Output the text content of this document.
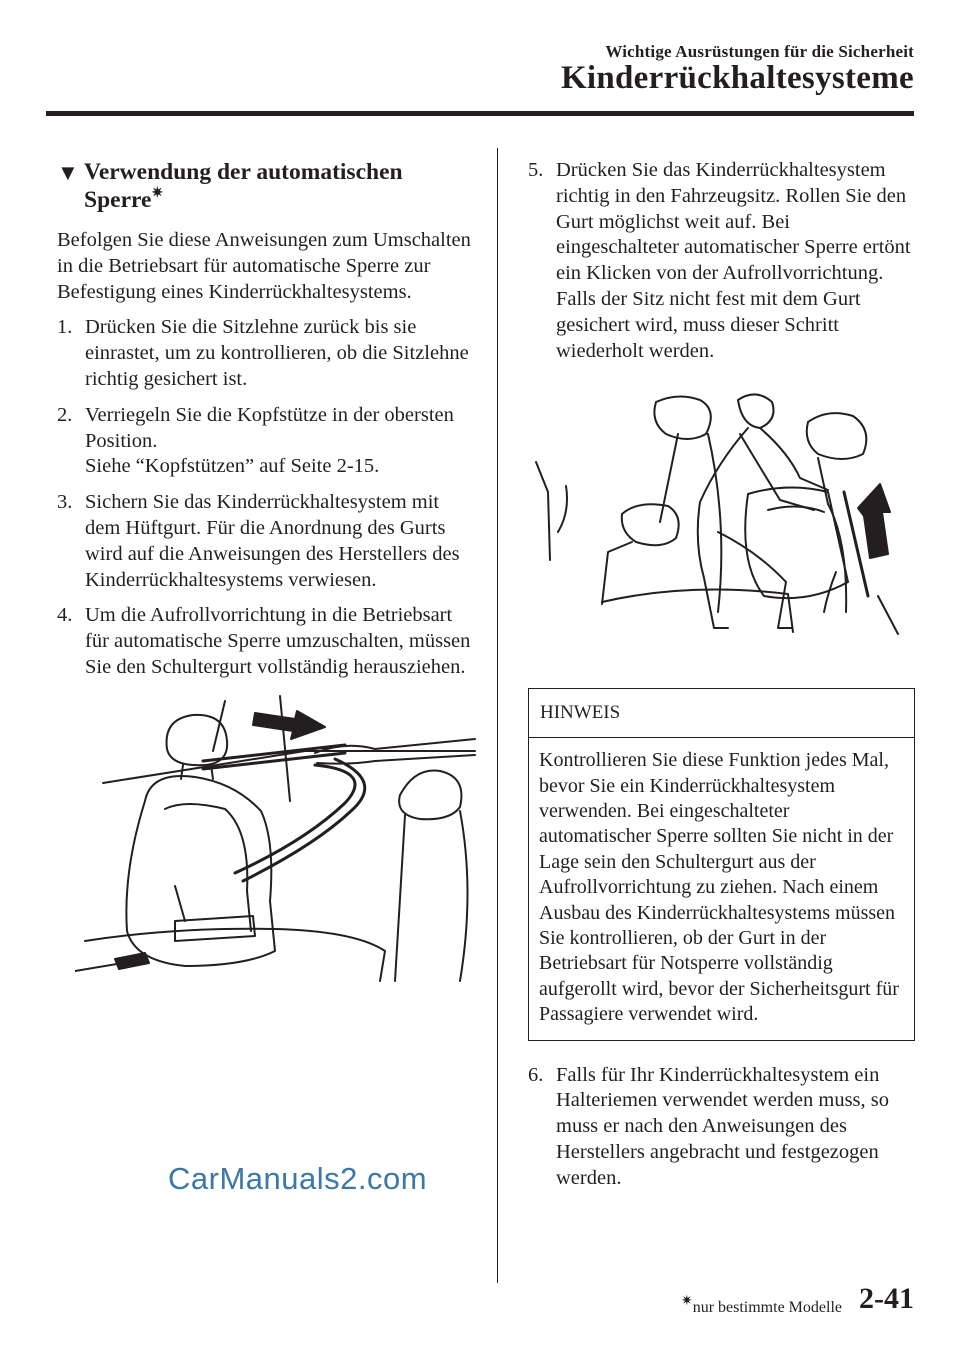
Wichtige Ausrüstungen für die Sicherheit
Kinderrückhaltesysteme
▼ Verwendung der automatischen
Sperre✷

Befolgen Sie diese Anweisungen zum Umschalten in die Betriebsart für automatische Sperre zur Befestigung eines Kinderrückhaltesystems.

1. Drücken Sie die Sitzlehne zurück bis sie einrastet, um zu kontrollieren, ob die Sitzlehne richtig gesichert ist.
2. Verriegeln Sie die Kopfstütze in der obersten Position.
Siehe “Kopfstützen” auf Seite 2-15.
3. Sichern Sie das Kinderrückhaltesystem mit dem Hüftgurt. Für die Anordnung des Gurts wird auf die Anweisungen des Herstellers des Kinderrückhaltesystems verwiesen.
4. Um die Aufrollvorrichtung in die Betriebsart für automatische Sperre umzuschalten, müssen Sie den Schultergurt vollständig herausziehen.
5. Drücken Sie das Kinderrückhaltesystem richtig in den Fahrzeugsitz. Rollen Sie den Gurt möglichst weit auf. Bei eingeschalteter automatischer Sperre ertönt ein Klicken von der Aufrollvorrichtung. Falls der Sitz nicht fest mit dem Gurt gesichert wird, muss dieser Schritt wiederholt werden.
HINWEIS
Kontrollieren Sie diese Funktion jedes Mal, bevor Sie ein Kinderrückhaltesystem verwenden. Bei eingeschalteter automatischer Sperre sollten Sie nicht in der Lage sein den Schultergurt aus der Aufrollvorrichtung zu ziehen. Nach einem Ausbau des Kinderrückhaltesystems müssen Sie kontrollieren, ob der Gurt in der Betriebsart für Notsperre vollständig aufgerollt wird, bevor der Sicherheitsgurt für Passagiere verwendet wird.
6. Falls für Ihr Kinderrückhaltesystem ein Halteriemen verwendet werden muss, so muss er nach den Anweisungen des Herstellers angebracht und festgezogen werden.
CarManuals2.com
✷nur bestimmte Modelle 2-41
